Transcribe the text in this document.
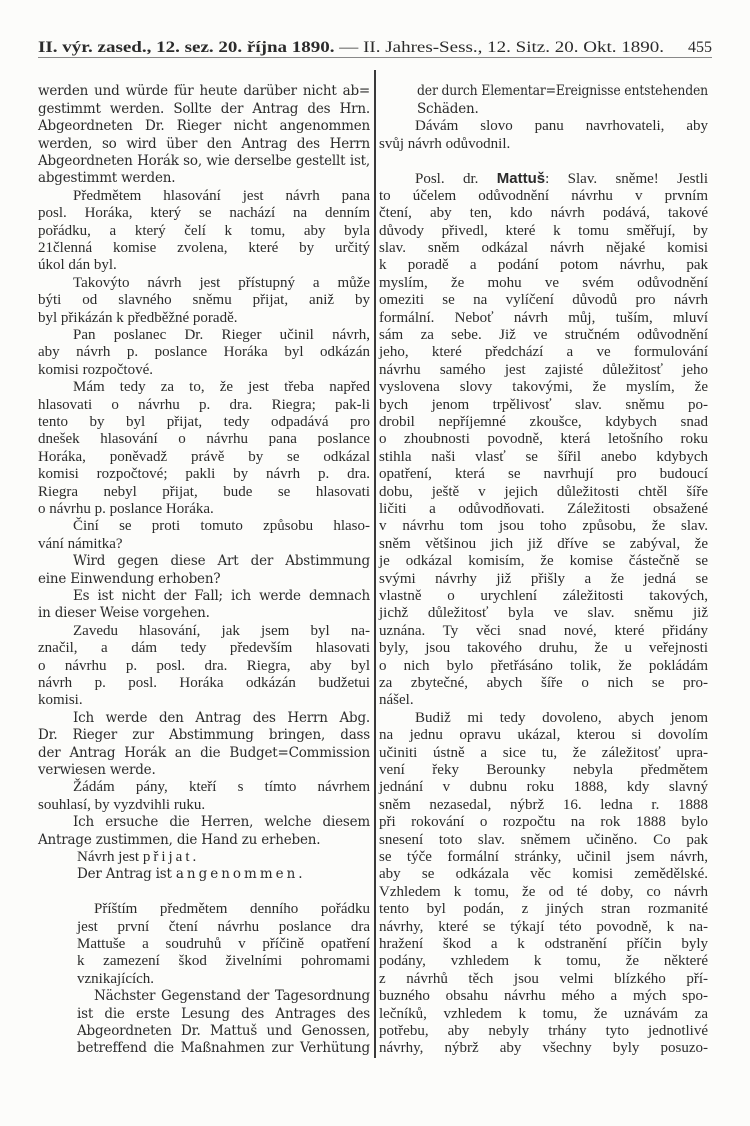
II. výr. zased., 12. sez. 20. října 1890. — II. Jahres-Sess., 12. Sitz. 20. Okt. 1890.	455
werden und würde für heute darüber nicht ab=
gestimmt werden. Sollte der Antrag des Hrn.
Abgeordneten Dr. Rieger nicht angenommen
werden, so wird über den Antrag des Herrn
Abgeordneten Horák so, wie derselbe gestellt ist,
abgestimmt werden.
Předmětem hlasování jest návrh pana
posl. Horáka, který se nachází na denním
pořádku, a který čelí k tomu, aby byla
21členná komise zvolena, které by určitý
úkol dán byl.
Takovýto návrh jest přístupný a může
býti od slavného sněmu přijat, aniž by
byl přikázán k předběžné poradě.
Pan poslanec Dr. Rieger učinil návrh,
aby návrh p. poslance Horáka byl odkázán
komisi rozpočtové.
Mám tedy za to, že jest třeba napřed
hlasovati o návrhu p. dra. Riegra; pak-li
tento by byl přijat, tedy odpadává pro
dnešek hlasování o návrhu pana poslance
Horáka, poněvadž právě by se odkázal
komisi rozpočtové; pakli by návrh p. dra.
Riegra nebyl přijat, bude se hlasovati
o návrhu p. poslance Horáka.
Činí se proti tomuto způsobu hlaso-
vání námitka?
Wird gegen diese Art der Abstimmung
eine Einwendung erhoben?
Es ist nicht der Fall; ich werde demnach
in dieser Weise vorgehen.
Zavedu hlasování, jak jsem byl na-
značil, a dám tedy především hlasovati
o návrhu p. posl. dra. Riegra, aby byl
návrh p. posl. Horáka odkázán budžetui
komisi.
Ich werde den Antrag des Herrn Abg.
Dr. Rieger zur Abstimmung bringen, dass
der Antrag Horák an die Budget=Commission
verwiesen werde.
Žádám pány, kteří s tímto návrhem
souhlasí, by vyzdvihli ruku.
Ich ersuche die Herren, welche diesem
Antrage zustimmen, die Hand zu erheben.
Návrh jest přijat.
Der Antrag ist angenommen.
Příštím předmětem denního pořádku
jest první čtení návrhu poslance dra
Mattuše a soudruhů v příčině opatření
k zamezení škod živelními pohromami
vznikajících.
Nächster Gegenstand der Tagesordnung
ist die erste Lesung des Antrages des
Abgeordneten Dr. Mattuš und Genossen,
betreffend die Maßnahmen zur Verhütung
der durch Elementar=Ereignisse entstehenden
Schäden.
Dávám slovo panu navrhovateli, aby
svůj návrh odůvodnil.
Posl. dr. Mattuš: Slav. sněme! Jestli
to účelem odůvodnění návrhu v prvním
čtení, aby ten, kdo návrh podává, takové
důvody přivedl, které k tomu směřují, by
slav. sněm odkázal návrh nějaké komisi
k poradě a podání potom návrhu, pak
myslím, že mohu ve svém odůvodnění
omeziti se na vylíčení důvodů pro návrh
formální. Neboť návrh můj, tuším, mluví
sám za sebe. Již ve stručném odůvodnění
jeho, které předchází a ve formulování
návrhu samého jest zajisté důležitosť jeho
vyslovena slovy takovými, že myslím, že
bych jenom trpělivosť slav. sněmu po-
drobil nepříjemné zkoušce, kdybych snad
o zhoubnosti povodně, která letošního roku
stihla naši vlasť se šířil anebo kdybych
opatření, která se navrhují pro budoucí
dobu, ještě v jejich důležitosti chtěl šíře
ličiti a odůvodňovati. Záležitosti obsažené
v návrhu tom jsou toho způsobu, že slav.
sněm většinou jich již dříve se zabýval, že
je odkázal komisím, že komise částečně se
svými návrhy již přišly a že jedná se
vlastně o urychlení záležitosti takových,
jichž důležitosť byla ve slav. sněmu již
uznána. Ty věci snad nové, které přidány
byly, jsou takového druhu, že u veřejnosti
o nich bylo přetřásáno tolik, že pokládám
za zbytečné, abych šíře o nich se pro-
nášel.
Budiž mi tedy dovoleno, abych jenom
na jednu opravu ukázal, kterou si dovolím
učiniti ústně a sice tu, že záležitosť upra-
vení řeky Berounky nebyla předmětem
jednání v dubnu roku 1888, kdy slavný
sněm nezasedal, nýbrž 16. ledna r. 1888
při rokování o rozpočtu na rok 1888 bylo
snesení toto slav. sněmem učiněno. Co pak
se týče formální stránky, učinil jsem návrh,
aby se odkázala věc komisi zemědělské.
Vzhledem k tomu, že od té doby, co návrh
tento byl podán, z jiných stran rozmanité
návrhy, které se týkají této povodně, k na-
hražení škod a k odstranění příčin byly
podány, vzhledem k tomu, že některé
z návrhů těch jsou velmi blízkého pří-
buzného obsahu návrhu mého a mých spo-
lečníků, vzhledem k tomu, že uznávám za
potřebu, aby nebyly trhány tyto jednotlivé
návrhy, nýbrž aby všechny byly posuzo-
